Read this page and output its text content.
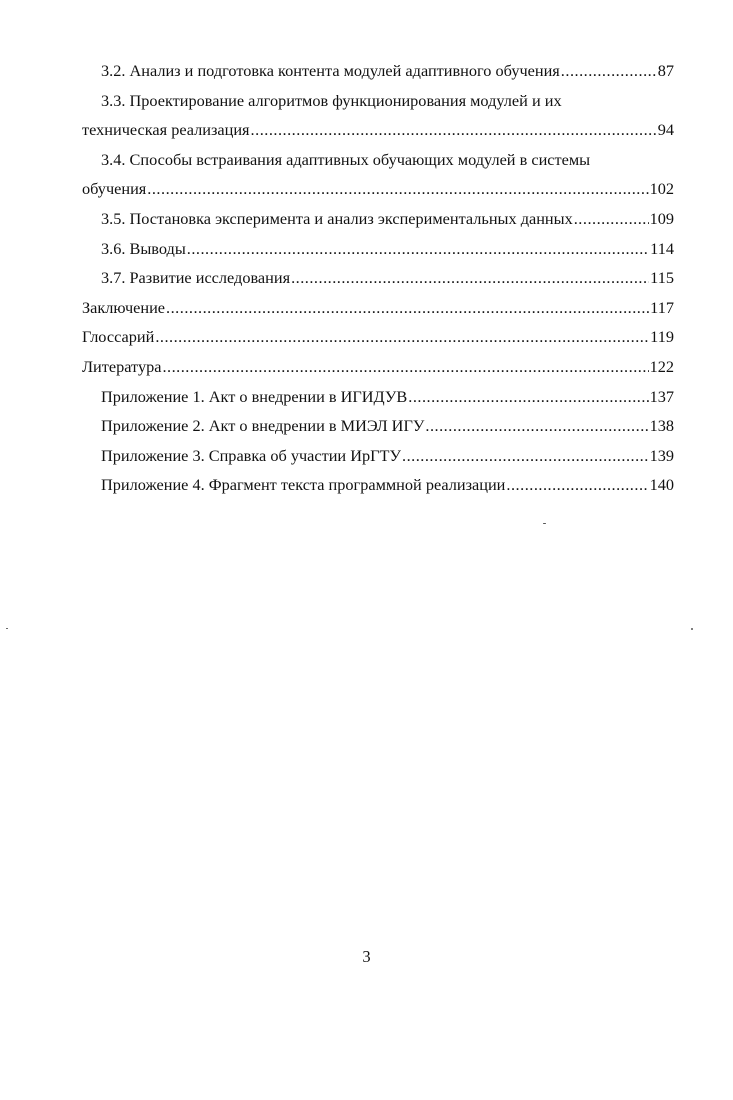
3.2. Анализ и подготовка контента модулей адаптивного обучения .....	87
3.3. Проектирование алгоритмов функционирования модулей и их
техническая реализация .....	94
3.4. Способы встраивания адаптивных обучающих модулей в системы
обучения .....	102
3.5. Постановка эксперимента и анализ экспериментальных данных .....	109
3.6. Выводы .....	114
3.7. Развитие исследования .....	115
Заключение .....	117
Глоссарий .....	119
Литература .....	122
Приложение 1. Акт о внедрении в ИГИДУВ .....	137
Приложение 2. Акт о внедрении в МИЭЛ ИГУ .....	138
Приложение 3. Справка об участии ИрГТУ .....	139
Приложение 4. Фрагмент текста программной реализации .....	140
3
